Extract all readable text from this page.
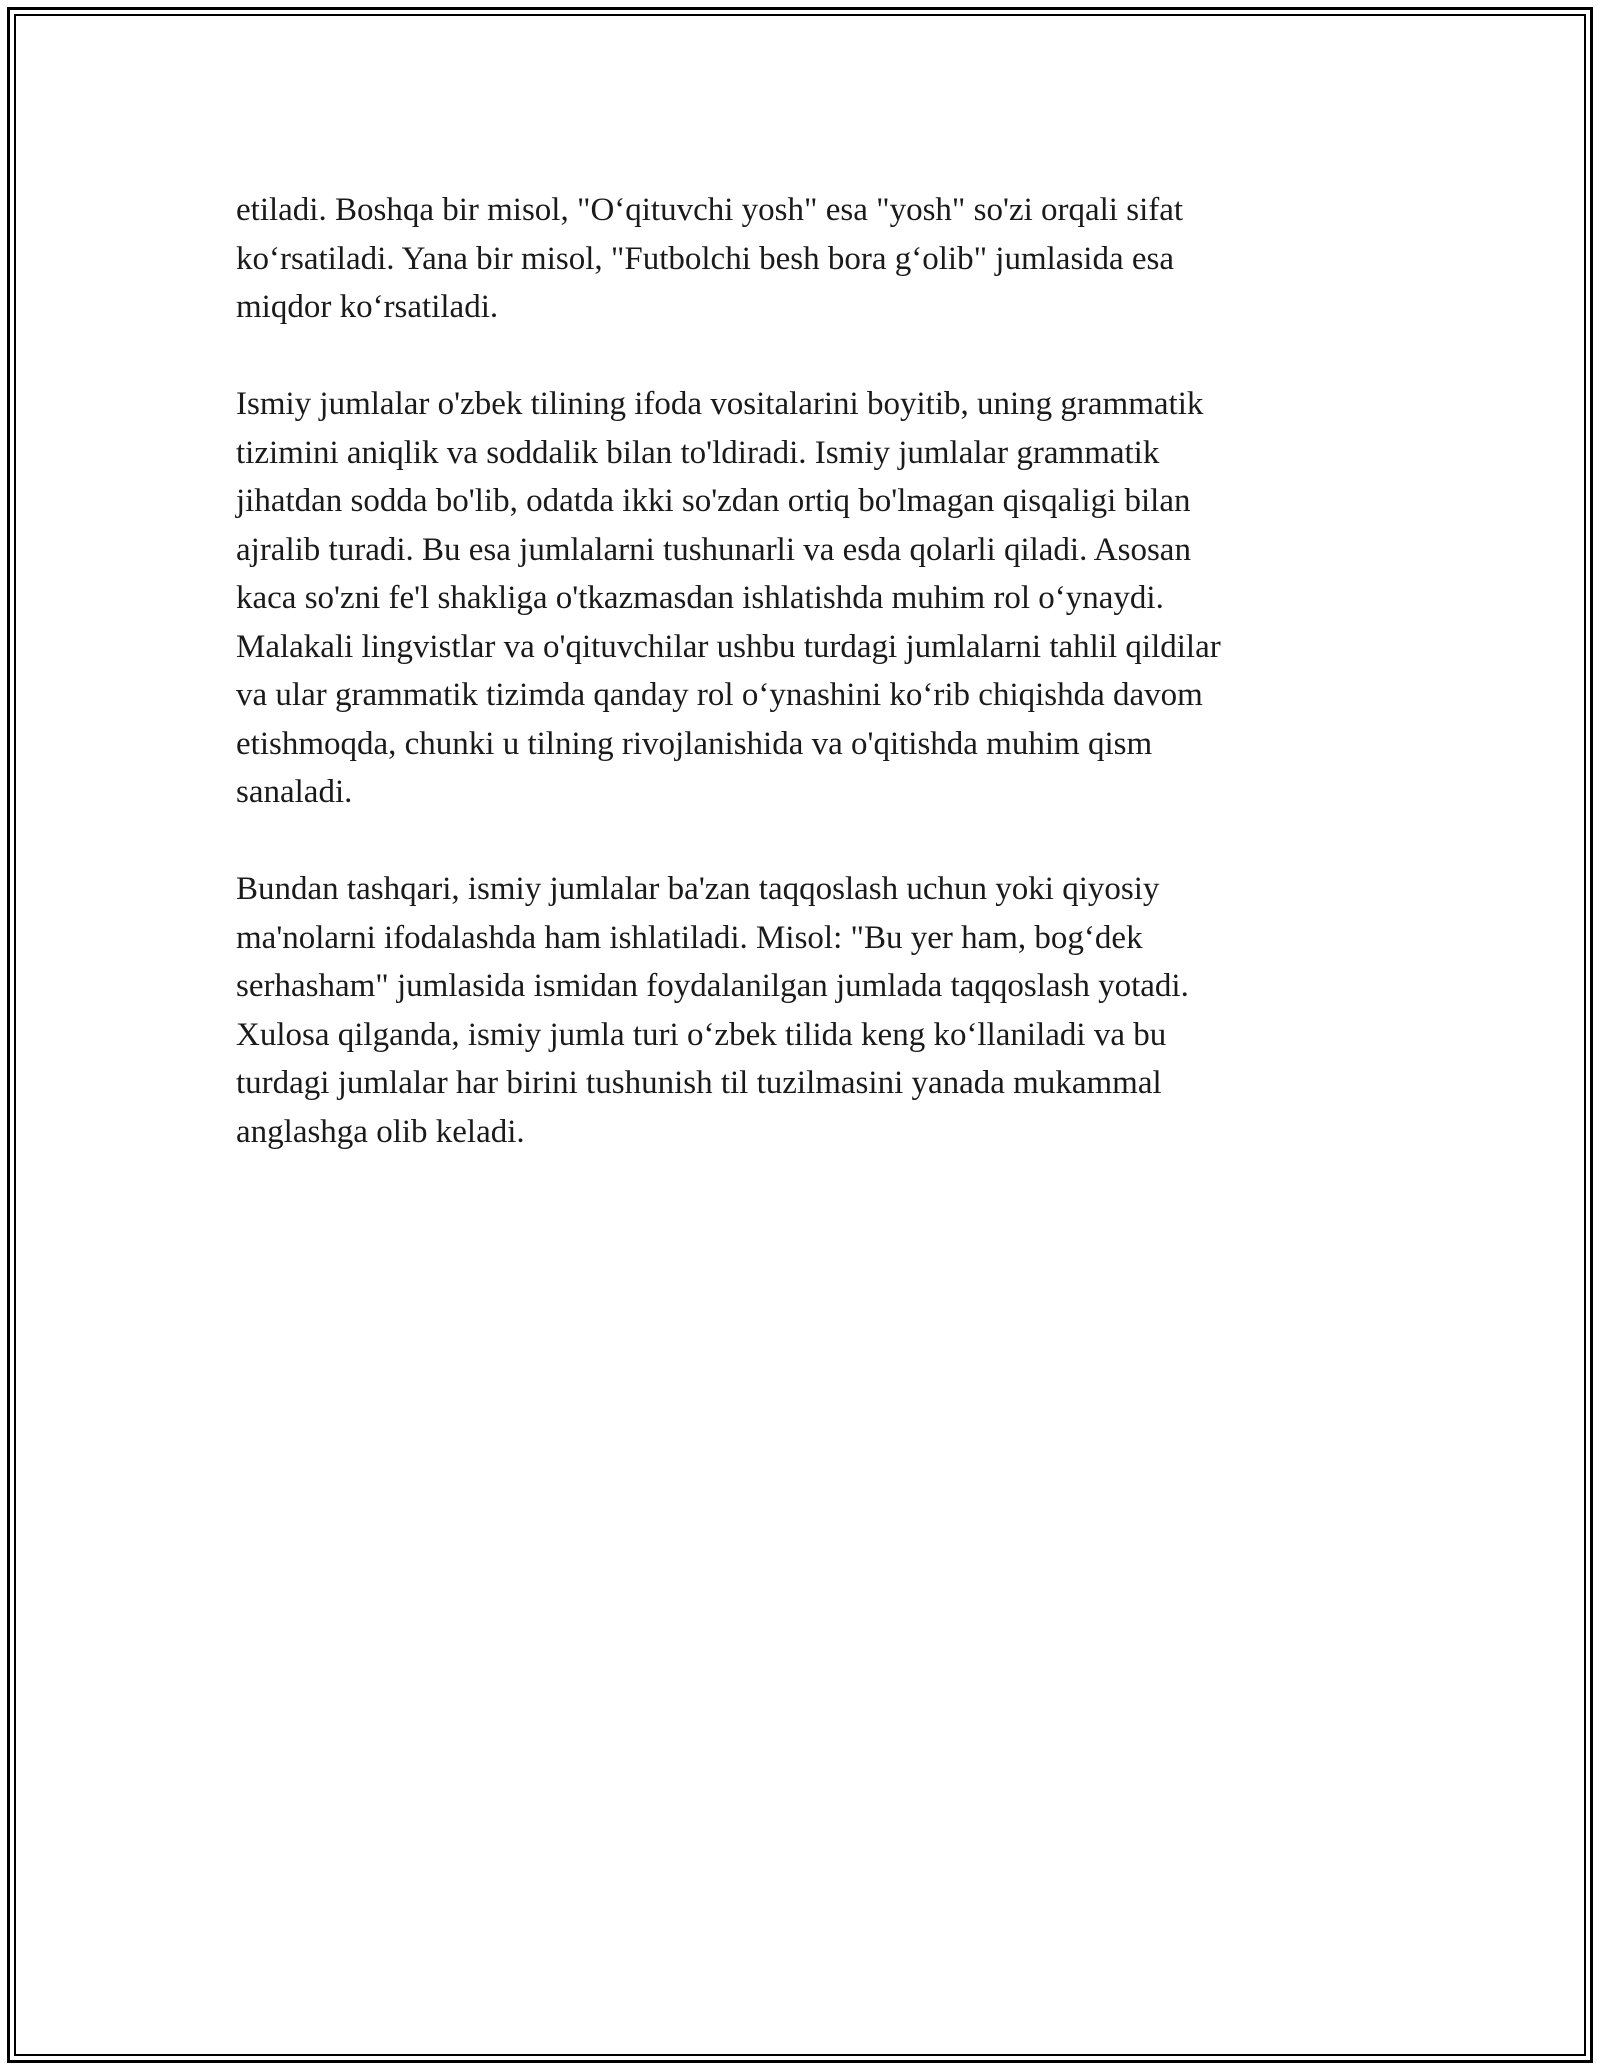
etiladi. Boshqa bir misol, "O‘qituvchi yosh" esa "yosh" so'zi orqali sifat
ko‘rsatiladi. Yana bir misol, "Futbolchi besh bora g‘olib" jumlasida esa
miqdor ko‘rsatiladi.

Ismiy jumlalar o'zbek tilining ifoda vositalarini boyitib, uning grammatik
tizimini aniqlik va soddalik bilan to'ldiradi. Ismiy jumlalar grammatik
jihatdan sodda bo'lib, odatda ikki so'zdan ortiq bo'lmagan qisqaligi bilan
ajralib turadi. Bu esa jumlalarni tushunarli va esda qolarli qiladi. Asosan
kaca so'zni fe'l shakliga o'tkazmasdan ishlatishda muhim rol o‘ynaydi.
Malakali lingvistlar va o'qituvchilar ushbu turdagi jumlalarni tahlil qildilar
va ular grammatik tizimda qanday rol o‘ynashini ko‘rib chiqishda davom
etishmoqda, chunki u tilning rivojlanishida va o'qitishda muhim qism
sanaladi.

Bundan tashqari, ismiy jumlalar ba'zan taqqoslash uchun yoki qiyosiy
ma'nolarni ifodalashda ham ishlatiladi. Misol: "Bu yer ham, bog‘dek
serhasham" jumlasida ismidan foydalanilgan jumlada taqqoslash yotadi.
Xulosa qilganda, ismiy jumla turi o‘zbek tilida keng ko‘llaniladi va bu
turdagi jumlalar har birini tushunish til tuzilmasini yanada mukammal
anglashga olib keladi.
